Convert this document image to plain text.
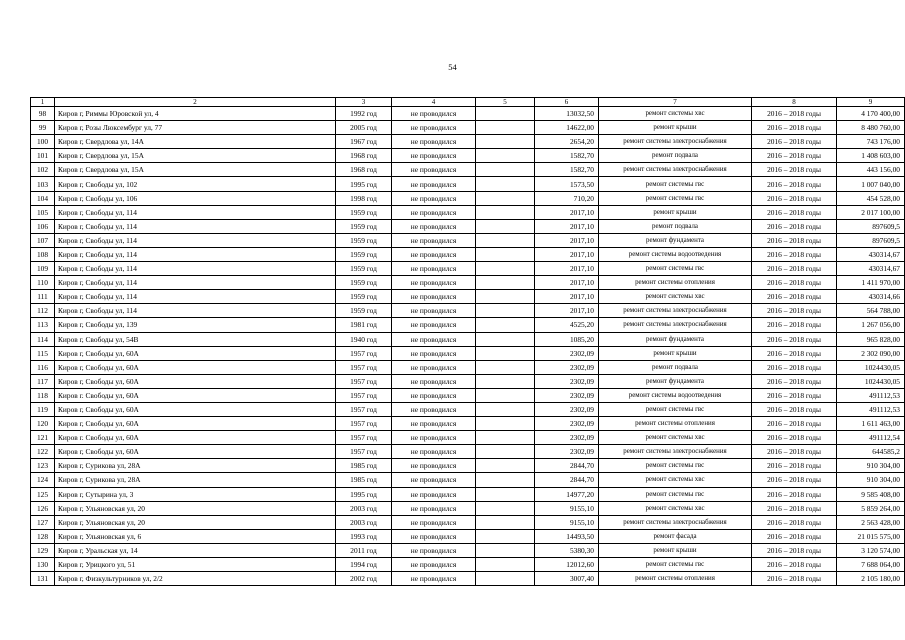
54
1	2	3	4	5	6	7	8	9
98	Киров г, Риммы Юровской ул, 4	1992 год	не проводился		13032,50	ремонт системы хвс	2016 – 2018 годы	4 170 400,00
99	Киров г, Розы Люксембург ул, 77	2005 год	не проводился		14622,00	ремонт крыши	2016 – 2018 годы	8 480 760,00
100	Киров г, Свердлова ул, 14А	1967 год	не проводился		2654,20	ремонт системы электроснабжения	2016 – 2018 годы	743 176,00
101	Киров г, Свердлова ул, 15А	1968 год	не проводился		1582,70	ремонт подвала	2016 – 2018 годы	1 408 603,00
102	Киров г, Свердлова ул, 15А	1968 год	не проводился		1582,70	ремонт системы электроснабжения	2016 – 2018 годы	443 156,00
103	Киров г, Свободы ул, 102	1995 год	не проводился		1573,50	ремонт системы гвс	2016 – 2018 годы	1 007 040,00
104	Киров г, Свободы ул, 106	1998 год	не проводился		710,20	ремонт системы гвс	2016 – 2018 годы	454 528,00
105	Киров г, Свободы ул, 114	1959 год	не проводился		2017,10	ремонт крыши	2016 – 2018 годы	2 017 100,00
106	Киров г, Свободы ул, 114	1959 год	не проводился		2017,10	ремонт подвала	2016 – 2018 годы	897609,5
107	Киров г, Свободы ул, 114	1959 год	не проводился		2017,10	ремонт фундамента	2016 – 2018 годы	897609,5
108	Киров г, Свободы ул, 114	1959 год	не проводился		2017,10	ремонт системы водоотведения	2016 – 2018 годы	430314,67
109	Киров г, Свободы ул, 114	1959 год	не проводился		2017,10	ремонт системы гвс	2016 – 2018 годы	430314,67
110	Киров г, Свободы ул, 114	1959 год	не проводился		2017,10	ремонт системы отопления	2016 – 2018 годы	1 411 970,00
111	Киров г, Свободы ул, 114	1959 год	не проводился		2017,10	ремонт системы хвс	2016 – 2018 годы	430314,66
112	Киров г, Свободы ул, 114	1959 год	не проводился		2017,10	ремонт системы электроснабжения	2016 – 2018 годы	564 788,00
113	Киров г, Свободы ул, 139	1981 год	не проводился		4525,20	ремонт системы электроснабжения	2016 – 2018 годы	1 267 056,00
114	Киров г, Свободы ул, 54В	1940 год	не проводился		1085,20	ремонт фундамента	2016 – 2018 годы	965 828,00
115	Киров г, Свободы ул, 60А	1957 год	не проводился		2302,09	ремонт крыши	2016 – 2018 годы	2 302 090,00
116	Киров г, Свободы ул, 60А	1957 год	не проводился		2302,09	ремонт подвала	2016 – 2018 годы	1024430,05
117	Киров г, Свободы ул, 60А	1957 год	не проводился		2302,09	ремонт фундамента	2016 – 2018 годы	1024430,05
118	Киров г. Свободы ул, 60А	1957 год	не проводился		2302,09	ремонт системы водоотведения	2016 – 2018 годы	491112,53
119	Киров г, Свободы ул, 60А	1957 год	не проводился		2302,09	ремонт системы гвс	2016 – 2018 годы	491112,53
120	Киров г, Свободы ул, 60А	1957 год	не проводился		2302,09	ремонт системы отопления	2016 – 2018 годы	1 611 463,00
121	Киров г. Свободы ул, 60А	1957 год	не проводился		2302,09	ремонт системы хвс	2016 – 2018 годы	491112,54
122	Киров г, Свободы ул, 60А	1957 год	не проводился		2302,09	ремонт системы электроснабжения	2016 – 2018 годы	644585,2
123	Киров г, Сурикова ул, 28А	1985 год	не проводился		2844,70	ремонт системы гвс	2016 – 2018 годы	910 304,00
124	Киров г, Сурикова ул, 28А	1985 год	не проводился		2844,70	ремонт системы хвс	2016 – 2018 годы	910 304,00
125	Киров г, Сутырина ул, 3	1995 год	не проводился		14977,20	ремонт системы гвс	2016 – 2018 годы	9 585 408,00
126	Киров г, Ульяновская ул, 20	2003 год	не проводился		9155,10	ремонт системы хвс	2016 – 2018 годы	5 859 264,00
127	Киров г, Ульяновская ул, 20	2003 год	не проводился		9155,10	ремонт системы электроснабжения	2016 – 2018 годы	2 563 428,00
128	Киров г, Ульяновская ул, 6	1993 год	не проводился		14493,50	ремонт фасада	2016 – 2018 годы	21 015 575,00
129	Киров г, Уральская ул, 14	2011 год	не проводился		5380,30	ремонт крыши	2016 – 2018 годы	3 120 574,00
130	Киров г, Урицкого ул, 51	1994 год	не проводился		12012,60	ремонт системы гвс	2016 – 2018 годы	7 688 064,00
131	Киров г, Физкультурников ул, 2/2	2002 год	не проводился		3007,40	ремонт системы отопления	2016 – 2018 годы	2 105 180,00
